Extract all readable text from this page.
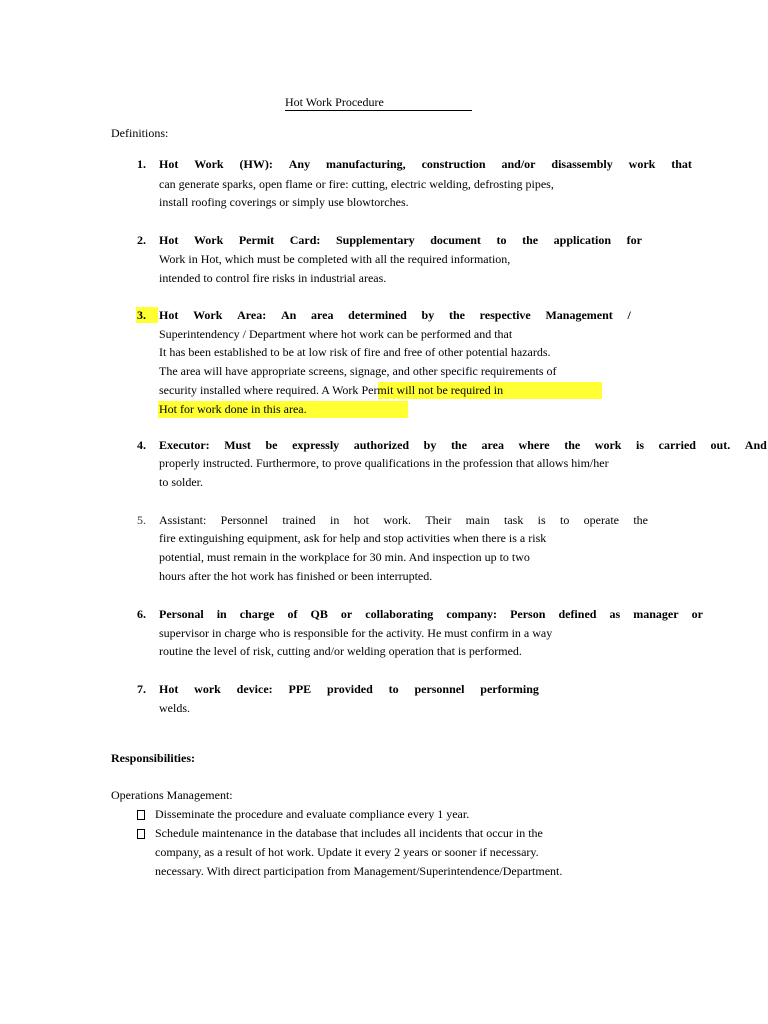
Hot Work Procedure
Definitions:
1. Hot Work (HW): Any manufacturing, construction and/or disassembly work that
can generate sparks, open flame or fire: cutting, electric welding, defrosting pipes,
install roofing coverings or simply use blowtorches.
2. Hot Work Permit Card: Supplementary document to the application for
Work in Hot, which must be completed with all the required information,
intended to control fire risks in industrial areas.
3. Hot Work Area: An area determined by the respective Management /
Superintendency / Department where hot work can be performed and that
It has been established to be at low risk of fire and free of other potential hazards.
The area will have appropriate screens, signage, and other specific requirements of
security installed where required. A Work Permit will not be required in
Hot for work done in this area.
4. Executor: Must be expressly authorized by the area where the work is carried out. And
properly instructed. Furthermore, to prove qualifications in the profession that allows him/her
to solder.
5. Assistant: Personnel trained in hot work. Their main task is to operate the
fire extinguishing equipment, ask for help and stop activities when there is a risk
potential, must remain in the workplace for 30 min. And inspection up to two
hours after the hot work has finished or been interrupted.
6. Personal in charge of QB or collaborating company: Person defined as manager or
supervisor in charge who is responsible for the activity. He must confirm in a way
routine the level of risk, cutting and/or welding operation that is performed.
7. Hot work device: PPE provided to personnel performing
welds.
Responsibilities:
Operations Management:
Disseminate the procedure and evaluate compliance every 1 year.
Schedule maintenance in the database that includes all incidents that occur in the
company, as a result of hot work. Update it every 2 years or sooner if necessary.
necessary. With direct participation from Management/Superintendence/Department.
